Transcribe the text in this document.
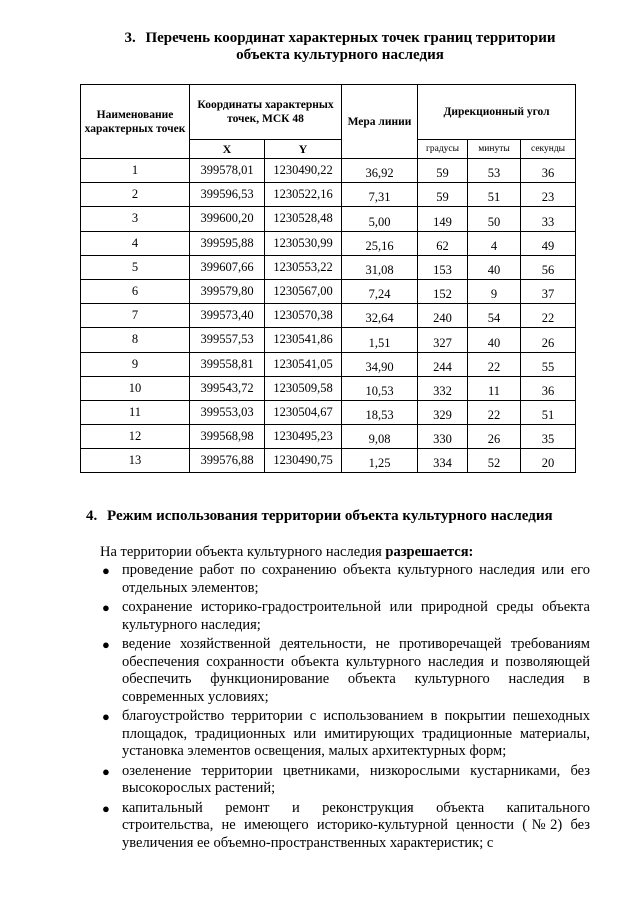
3. Перечень координат характерных точек границ территории
объекта культурного наследия
Наименование характерных точек	Координаты характерных точек, МСК 48		Мера линии	Дирекционный угол		
	X	Y		градусы	минуты	секунды
1	399578,01	1230490,22	36,92	59	53	36
2	399596,53	1230522,16	7,31	59	51	23
3	399600,20	1230528,48	5,00	149	50	33
4	399595,88	1230530,99	25,16	62	4	49
5	399607,66	1230553,22	31,08	153	40	56
6	399579,80	1230567,00	7,24	152	9	37
7	399573,40	1230570,38	32,64	240	54	22
8	399557,53	1230541,86	1,51	327	40	26
9	399558,81	1230541,05	34,90	244	22	55
10	399543,72	1230509,58	10,53	332	11	36
11	399553,03	1230504,67	18,53	329	22	51
12	399568,98	1230495,23	9,08	330	26	35
13	399576,88	1230490,75	1,25	334	52	20
4. Режим использования территории объекта культурного наследия
На территории объекта культурного наследия разрешается:
● проведение работ по сохранению объекта культурного наследия или его отдельных элементов;
● сохранение историко-градостроительной или природной среды объекта культурного наследия;
● ведение хозяйственной деятельности, не противоречащей требованиям обеспечения сохранности объекта культурного наследия и позволяющей обеспечить функционирование объекта культурного наследия в современных условиях;
● благоустройство территории с использованием в покрытии пешеходных площадок, традиционных или имитирующих традиционные материалы, установка элементов освещения, малых архитектурных форм;
● озеленение территории цветниками, низкорослыми кустарниками, без высокорослых растений;
● капитальный ремонт и реконструкция объекта капитального строительства, не имеющего историко-культурной ценности (№2) без увеличения ее объемно-пространственных характеристик; с
